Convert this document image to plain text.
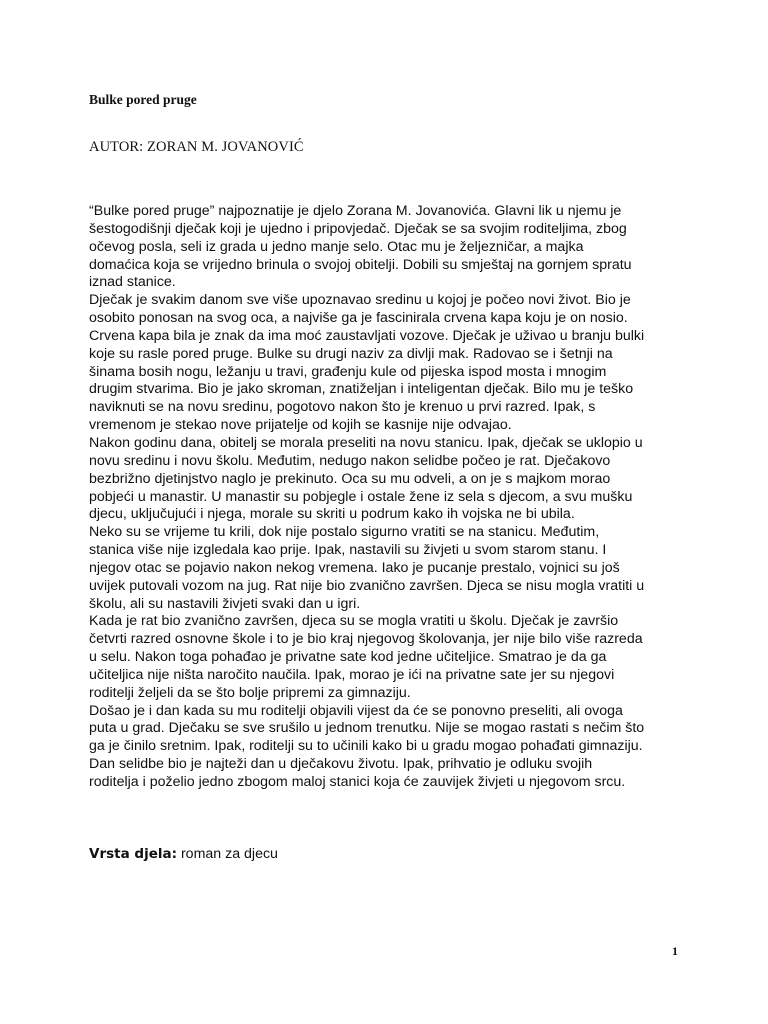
Bulke pored pruge
AUTOR: ZORAN M. JOVANOVIĆ
“Bulke pored pruge” najpoznatije je djelo Zorana M. Jovanovića. Glavni lik u njemu je
šestogodišnji dječak koji je ujedno i pripovjedač. Dječak se sa svojim roditeljima, zbog
očevog posla, seli iz grada u jedno manje selo. Otac mu je željezničar, a majka
domaćica koja se vrijedno brinula o svojoj obitelji. Dobili su smještaj na gornjem spratu
iznad stanice.
Dječak je svakim danom sve više upoznavao sredinu u kojoj je počeo novi život. Bio je
osobito ponosan na svog oca, a najviše ga je fascinirala crvena kapa koju je on nosio.
Crvena kapa bila je znak da ima moć zaustavljati vozove. Dječak je uživao u branju bulki
koje su rasle pored pruge. Bulke su drugi naziv za divlji mak. Radovao se i šetnji na
šinama bosih nogu, ležanju u travi, građenju kule od pijeska ispod mosta i mnogim
drugim stvarima. Bio je jako skroman, znatiželjan i inteligentan dječak. Bilo mu je teško
naviknuti se na novu sredinu, pogotovo nakon što je krenuo u prvi razred. Ipak, s
vremenom je stekao nove prijatelje od kojih se kasnije nije odvajao.
Nakon godinu dana, obitelj se morala preseliti na novu stanicu. Ipak, dječak se uklopio u
novu sredinu i novu školu. Međutim, nedugo nakon selidbe počeo je rat. Dječakovo
bezbrižno djetinjstvo naglo je prekinuto. Oca su mu odveli, a on je s majkom morao
pobjeći u manastir. U manastir su pobjegle i ostale žene iz sela s djecom, a svu mušku
djecu, uključujući i njega, morale su skriti u podrum kako ih vojska ne bi ubila.
Neko su se vrijeme tu krili, dok nije postalo sigurno vratiti se na stanicu. Međutim,
stanica više nije izgledala kao prije. Ipak, nastavili su živjeti u svom starom stanu. I
njegov otac se pojavio nakon nekog vremena. Iako je pucanje prestalo, vojnici su još
uvijek putovali vozom na jug. Rat nije bio zvanično završen. Djeca se nisu mogla vratiti u
školu, ali su nastavili živjeti svaki dan u igri.
Kada je rat bio zvanično završen, djeca su se mogla vratiti u školu. Dječak je završio
četvrti razred osnovne škole i to je bio kraj njegovog školovanja, jer nije bilo više razreda
u selu. Nakon toga pohađao je privatne sate kod jedne učiteljice. Smatrao je da ga
učiteljica nije ništa naročito naučila. Ipak, morao je ići na privatne sate jer su njegovi
roditelji željeli da se što bolje pripremi za gimnaziju.
Došao je i dan kada su mu roditelji objavili vijest da će se ponovno preseliti, ali ovoga
puta u grad. Dječaku se sve srušilo u jednom trenutku. Nije se mogao rastati s nečim što
ga je činilo sretnim. Ipak, roditelji su to učinili kako bi u gradu mogao pohađati gimnaziju.
Dan selidbe bio je najteži dan u dječakovu životu. Ipak, prihvatio je odluku svojih
roditelja i poželio jedno zbogom maloj stanici koja će zauvijek živjeti u njegovom srcu.
Vrsta djela: roman za djecu
1
